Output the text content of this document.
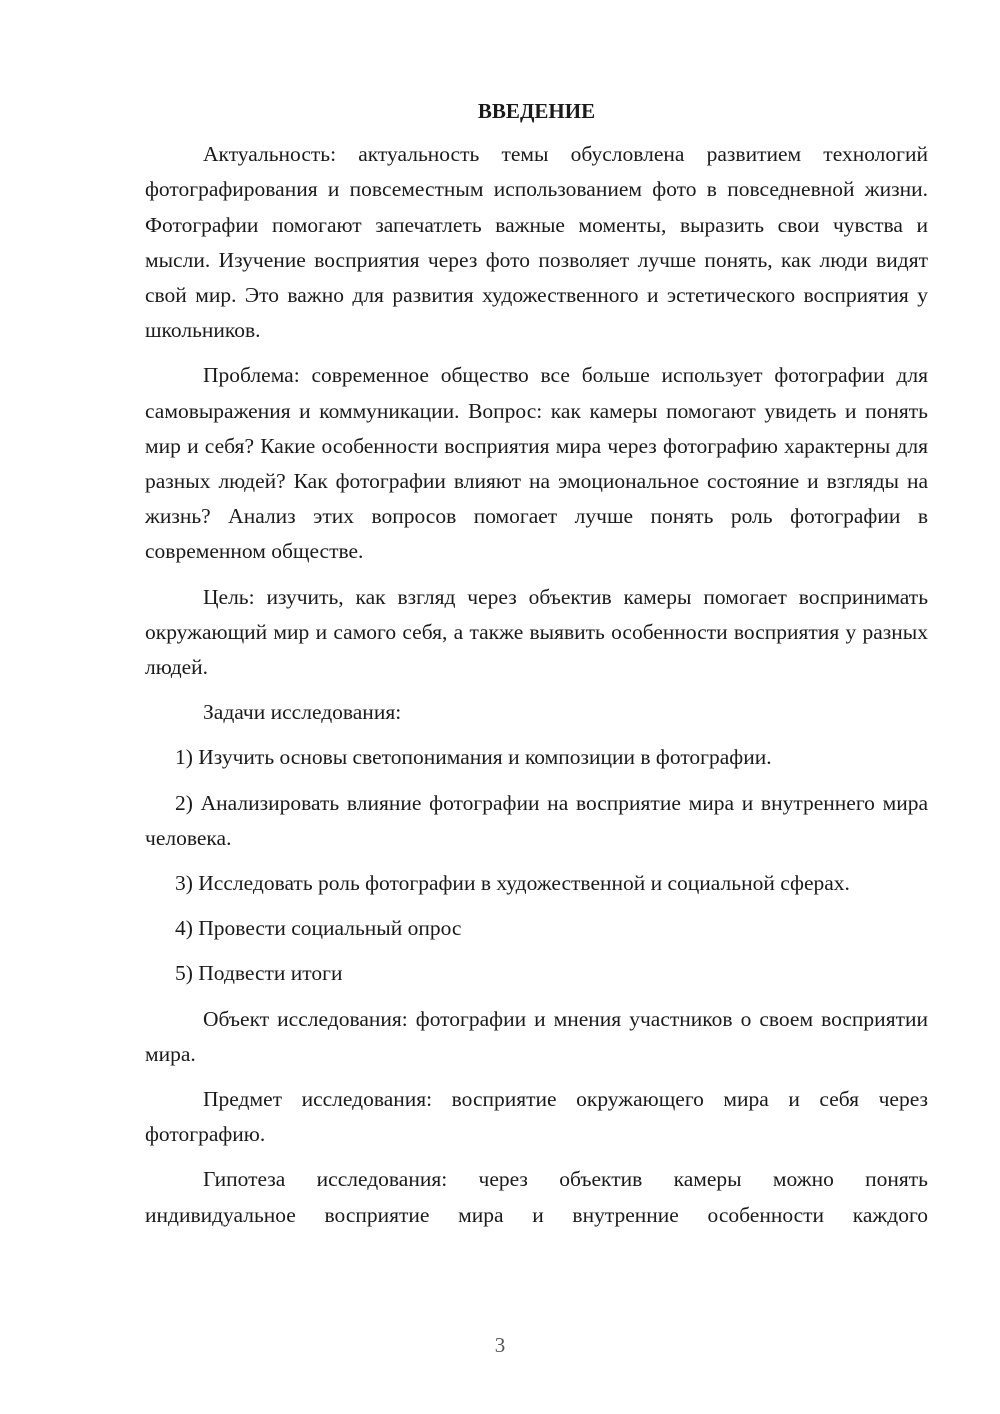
ВВЕДЕНИЕ

Актуальность: актуальность темы обусловлена развитием технологий фотографирования и повсеместным использованием фото в повседневной жизни. Фотографии помогают запечатлеть важные моменты, выразить свои чувства и мысли. Изучение восприятия через фото позволяет лучше понять, как люди видят свой мир. Это важно для развития художественного и эстетического восприятия у школьников.

Проблема: современное общество все больше использует фотографии для самовыражения и коммуникации. Вопрос: как камеры помогают увидеть и понять мир и себя? Какие особенности восприятия мира через фотографию характерны для разных людей? Как фотографии влияют на эмоциональное состояние и взгляды на жизнь? Анализ этих вопросов помогает лучше понять роль фотографии в современном обществе.

Цель: изучить, как взгляд через объектив камеры помогает воспринимать окружающий мир и самого себя, а также выявить особенности восприятия у разных людей.

Задачи исследования:

1) Изучить основы светопонимания и композиции в фотографии.

2) Анализировать влияние фотографии на восприятие мира и внутреннего мира человека.

3) Исследовать роль фотографии в художественной и социальной сферах.

4) Провести социальный опрос

5) Подвести итоги

Объект исследования: фотографии и мнения участников о своем восприятии мира.

Предмет исследования: восприятие окружающего мира и себя через фотографию.

Гипотеза исследования: через объектив камеры можно понять индивидуальное восприятие мира и внутренние особенности каждого

3
